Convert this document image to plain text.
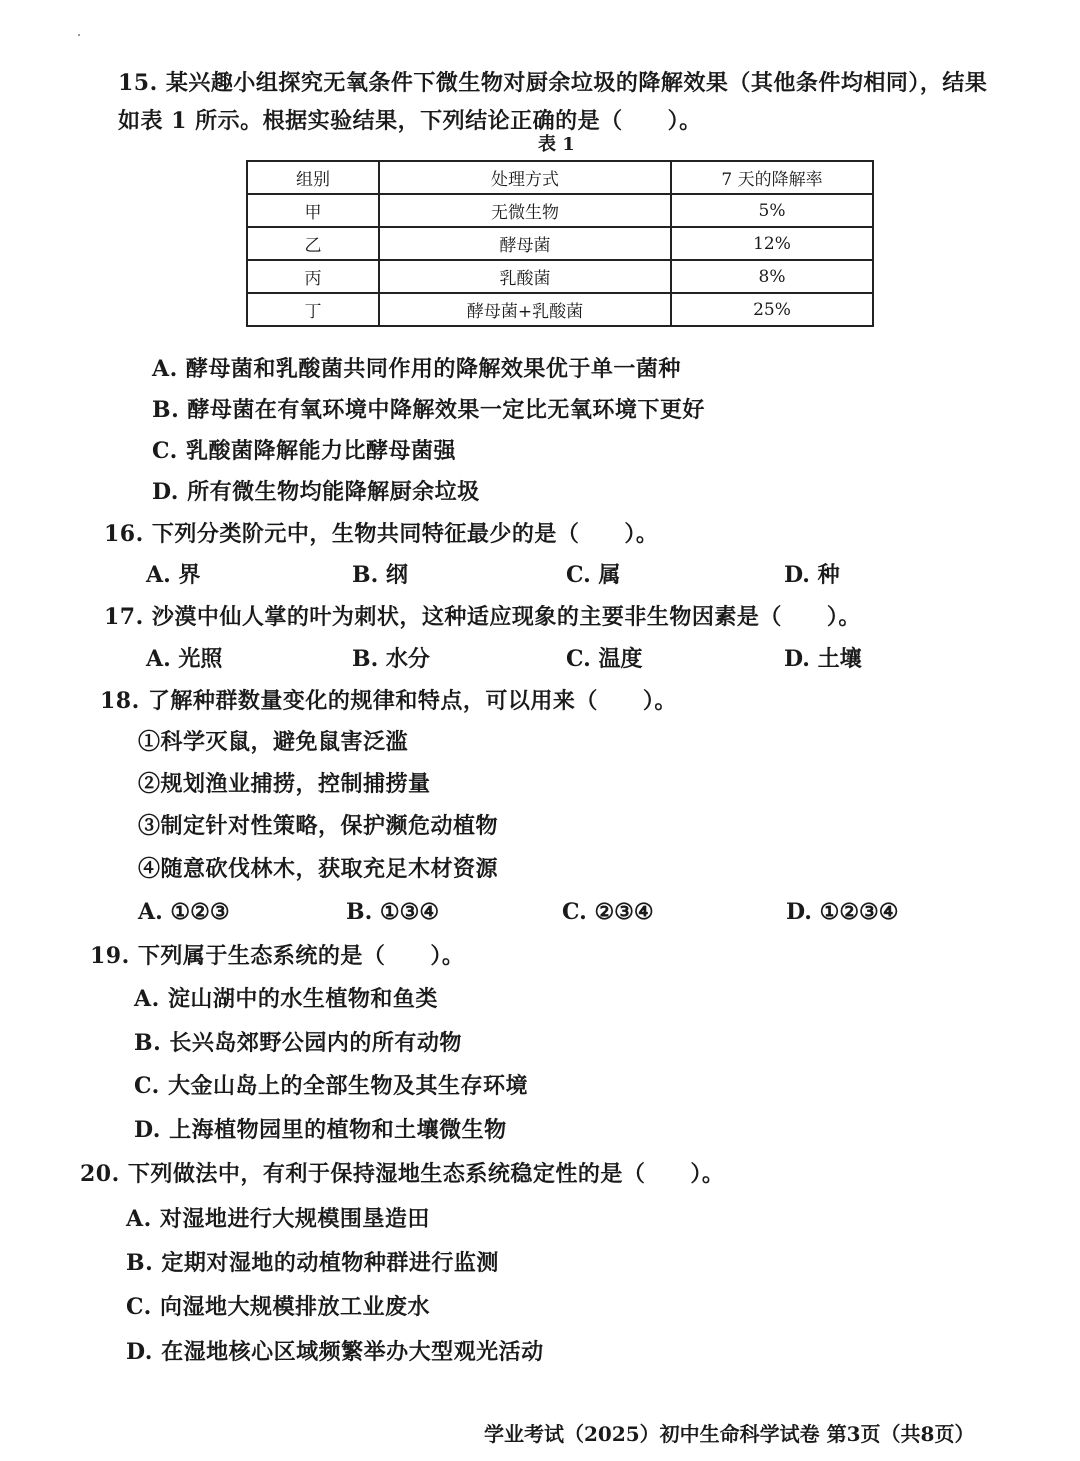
15. 某兴趣小组探究无氧条件下微生物对厨余垃圾的降解效果（其他条件均相同），结果
如表 1 所示。根据实验结果，下列结论正确的是（　　）。
表 1
组别	处理方式	7 天的降解率
甲	无微生物	5%
乙	酵母菌	12%
丙	乳酸菌	8%
丁	酵母菌+乳酸菌	25%
A. 酵母菌和乳酸菌共同作用的降解效果优于单一菌种
B. 酵母菌在有氧环境中降解效果一定比无氧环境下更好
C. 乳酸菌降解能力比酵母菌强
D. 所有微生物均能降解厨余垃圾
16. 下列分类阶元中，生物共同特征最少的是（　　）。
A. 界	B. 纲	C. 属	D. 种
17. 沙漠中仙人掌的叶为刺状，这种适应现象的主要非生物因素是（　　）。
A. 光照	B. 水分	C. 温度	D. 土壤
18. 了解种群数量变化的规律和特点，可以用来（　　）。
①科学灭鼠，避免鼠害泛滥
②规划渔业捕捞，控制捕捞量
③制定针对性策略，保护濒危动植物
④随意砍伐林木，获取充足木材资源
A. ①②③	B. ①③④	C. ②③④	D. ①②③④
19. 下列属于生态系统的是（　　）。
A. 淀山湖中的水生植物和鱼类
B. 长兴岛郊野公园内的所有动物
C. 大金山岛上的全部生物及其生存环境
D. 上海植物园里的植物和土壤微生物
20. 下列做法中，有利于保持湿地生态系统稳定性的是（　　）。
A. 对湿地进行大规模围垦造田
B. 定期对湿地的动植物种群进行监测
C. 向湿地大规模排放工业废水
D. 在湿地核心区域频繁举办大型观光活动
学业考试（2025）初中生命科学试卷 第3页（共8页）
